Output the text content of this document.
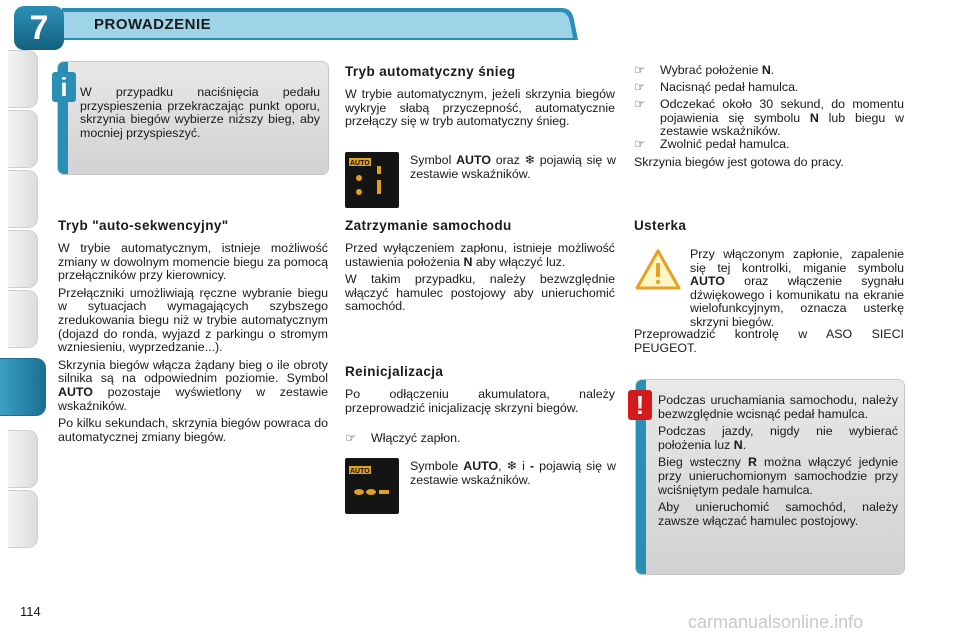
7	PROWADZENIE
i W przypadku naciśnięcia pedału przyspieszenia przekraczając punkt oporu, skrzynia biegów wybierze niższy bieg, aby mocniej przyspieszyć.
Tryb "auto-sekwencyjny"

W trybie automatycznym, istnieje możliwość zmiany w dowolnym momencie biegu za pomocą przełączników przy kierownicy.

Przełączniki umożliwiają ręczne wybranie biegu w sytuacjach wymagających szybszego zredukowania biegu niż w trybie automatycznym (dojazd do ronda, wyjazd z parkingu o stromym wzniesieniu, wyprzedzanie...).

Skrzynia biegów włącza żądany bieg o ile obroty silnika są na odpowiednim poziomie. Symbol AUTO pozostaje wyświetlony w zestawie wskaźników.

Po kilku sekundach, skrzynia biegów powraca do automatycznej zmiany biegów.

Tryb automatyczny śnieg
W trybie automatycznym, jeżeli skrzynia biegów wykryje słabą przyczepność, automatycznie przełączy się w tryb automatyczny śnieg.
AUTO	Symbol AUTO oraz ❄ pojawią się w zestawie wskaźników.
Zatrzymanie samochodu

Przed wyłączeniem zapłonu, istnieje możliwość ustawienia położenia N aby włączyć luz.

W takim przypadku, należy bezwzględnie włączyć hamulec postojowy aby unieruchomić samochód.

Reinicjalizacja
Po odłączeniu akumulatora, należy przeprowadzić inicjalizację skrzyni biegów.
☞	Włączyć zapłon.
AUTO	Symbole AUTO, ❄ i - pojawią się w zestawie wskaźników.
☞	Wybrać położenie N.
☞	Nacisnąć pedał hamulca.
☞	Odczekać około 30 sekund, do momentu pojawienia się symbolu N lub biegu w zestawie wskaźników.
☞	Zwolnić pedał hamulca.
Skrzynia biegów jest gotowa do pracy.
Usterka
Przy włączonym zapłonie, zapalenie się tej kontrolki, miganie symbolu AUTO oraz włączenie sygnału dźwiękowego i komunikatu na ekranie wielofunkcyjnym, oznacza usterkę skrzyni biegów.
Przeprowadzić kontrolę w ASO SIECI PEUGEOT.
!	Podczas uruchamiania samochodu, należy bezwzględnie wcisnąć pedał hamulca.

Podczas jazdy, nigdy nie wybierać położenia luz N.

Bieg wsteczny R można włączyć jedynie przy unieruchomionym samochodzie przy wciśniętym pedale hamulca.

Aby unieruchomić samochód, należy zawsze włączać hamulec postojowy.

114
carmanualsonline.info
